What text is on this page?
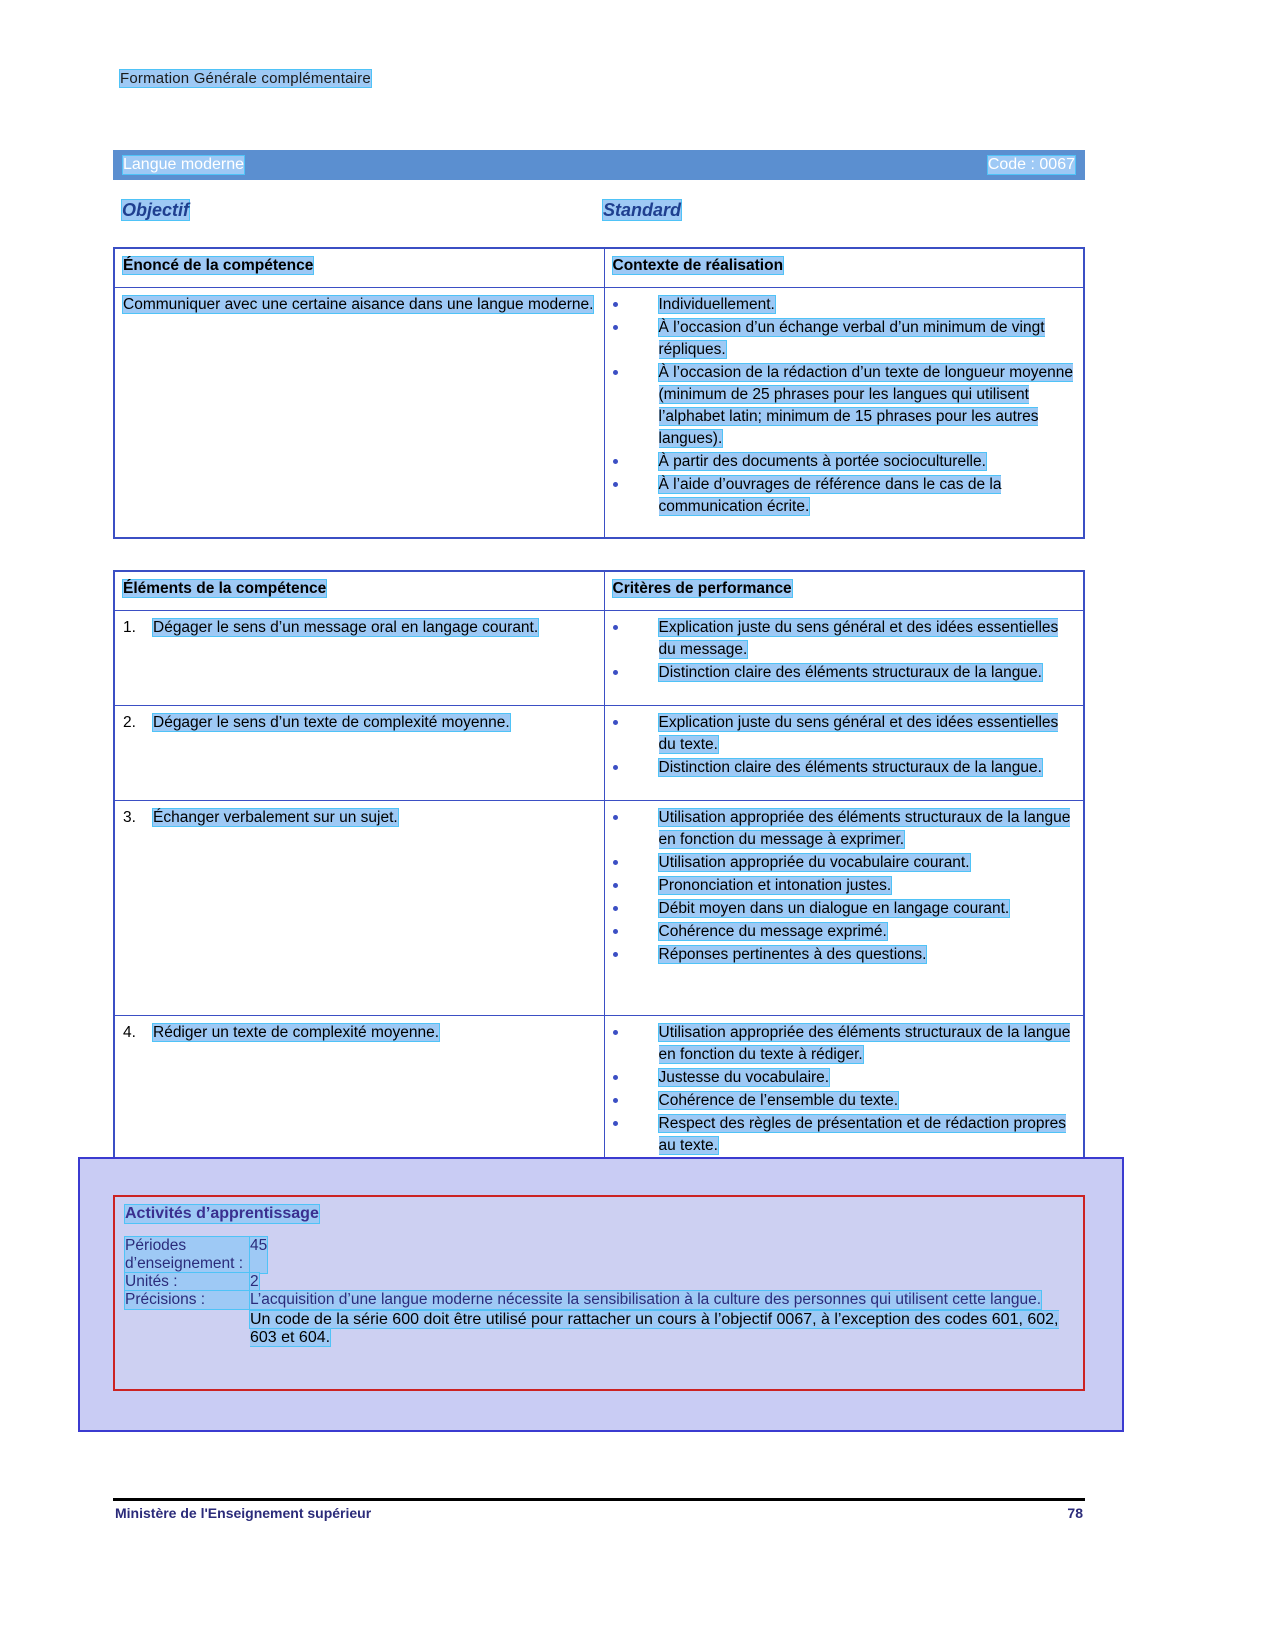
Formation Générale complémentaire
Langue moderne	Code : 0067
Objectif	Standard
Énoncé de la compétence	Contexte de réalisation
Communiquer avec une certaine aisance dans une langue moderne.	Individuellement.
À l’occasion d’un échange verbal d’un minimum de vingt répliques.
À l’occasion de la rédaction d’un texte de longueur moyenne (minimum de 25 phrases pour les langues qui utilisent l’alphabet latin; minimum de 15 phrases pour les autres langues).
À partir des documents à portée socioculturelle.
À l’aide d’ouvrages de référence dans le cas de la communication écrite.
Éléments de la compétence	Critères de performance

1. Dégager le sens d’un message oral en langage courant.	Explication juste du sens général et des idées essentielles du message.
Distinction claire des éléments structuraux de la langue.

2. Dégager le sens d’un texte de complexité moyenne.	Explication juste du sens général et des idées essentielles du texte.
Distinction claire des éléments structuraux de la langue.

3. Échanger verbalement sur un sujet.	Utilisation appropriée des éléments structuraux de la langue en fonction du message à exprimer.
Utilisation appropriée du vocabulaire courant.
Prononciation et intonation justes.
Débit moyen dans un dialogue en langage courant.
Cohérence du message exprimé.
Réponses pertinentes à des questions.

4. Rédiger un texte de complexité moyenne.	Utilisation appropriée des éléments structuraux de la langue en fonction du texte à rédiger.
Justesse du vocabulaire.
Cohérence de l’ensemble du texte.
Respect des règles de présentation et de rédaction propres au texte.
Activités d’apprentissage
Périodes d’enseignement :
45
Unités :	2
Précisions :	L’acquisition d’une langue moderne nécessite la sensibilisation à la culture des personnes qui utilisent cette langue.
Un code de la série 600 doit être utilisé pour rattacher un cours à l’objectif 0067, à l’exception des codes 601, 602, 603 et 604.
Ministère de l'Enseignement supérieur	78
